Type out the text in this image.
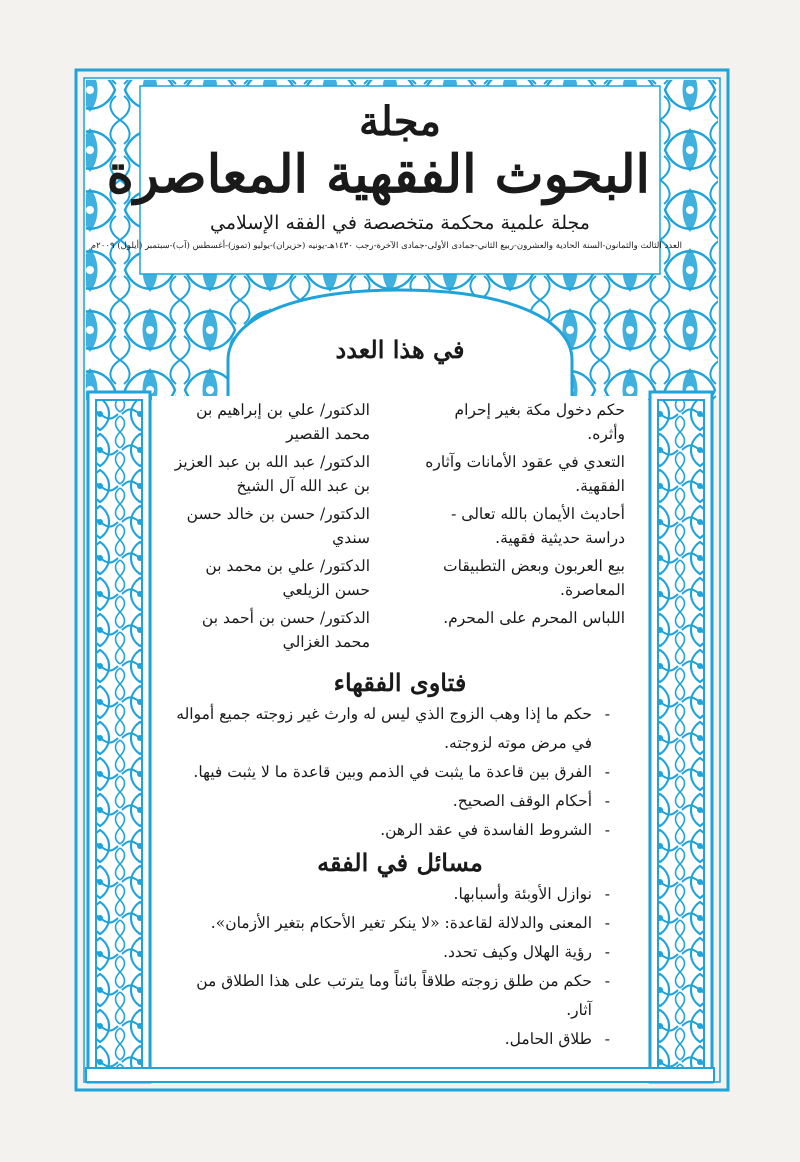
مجلة
البحوث الفقهية المعاصرة
مجلة علمية محكمة متخصصة في الفقه الإسلامي
العدد الثالث والثمانون-السنة الحادية والعشرون-ربيع الثاني-جمادى الأولى-جمادى الآخرة-رجب ١٤٣٠هـ-يونيه (حزيران)-يوليو (تموز)-أغسطس (آب)-سبتمبر (أيلول) ٢٠٠٩م
في هذا العدد
حكم دخول مكة بغير إحرام وأثره.
الدكتور/ علي بن إبراهيم بن محمد القصير
التعدي في عقود الأمانات وآثاره الفقهية.
الدكتور/ عبد الله بن عبد العزيز بن عبد الله آل الشيخ
أحاديث الأيمان بالله تعالى - دراسة حديثية فقهية.
الدكتور/ حسن بن خالد حسن سندي
بيع العربون وبعض التطبيقات المعاصرة.
الدكتور/ علي بن محمد بن حسن الزيلعي
اللباس المحرم على المحرم.
الدكتور/ حسن بن أحمد بن محمد الغزالي
فتاوى الفقهاء
- حكم ما إذا وهب الزوج الذي ليس له وارث غير زوجته جميع أمواله في مرض موته لزوجته.
- الفرق بين قاعدة ما يثبت في الذمم وبين قاعدة ما لا يثبت فيها.
- أحكام الوقف الصحيح.
- الشروط الفاسدة في عقد الرهن.
مسائل في الفقه
- نوازل الأوبئة وأسبابها.
- المعنى والدلالة لقاعدة: «لا ينكر تغير الأحكام بتغير الأزمان».
- رؤية الهلال وكيف تحدد.
- حكم من طلق زوجته طلاقاً بائناً وما يترتب على هذا الطلاق من آثار.
- طلاق الحامل.
